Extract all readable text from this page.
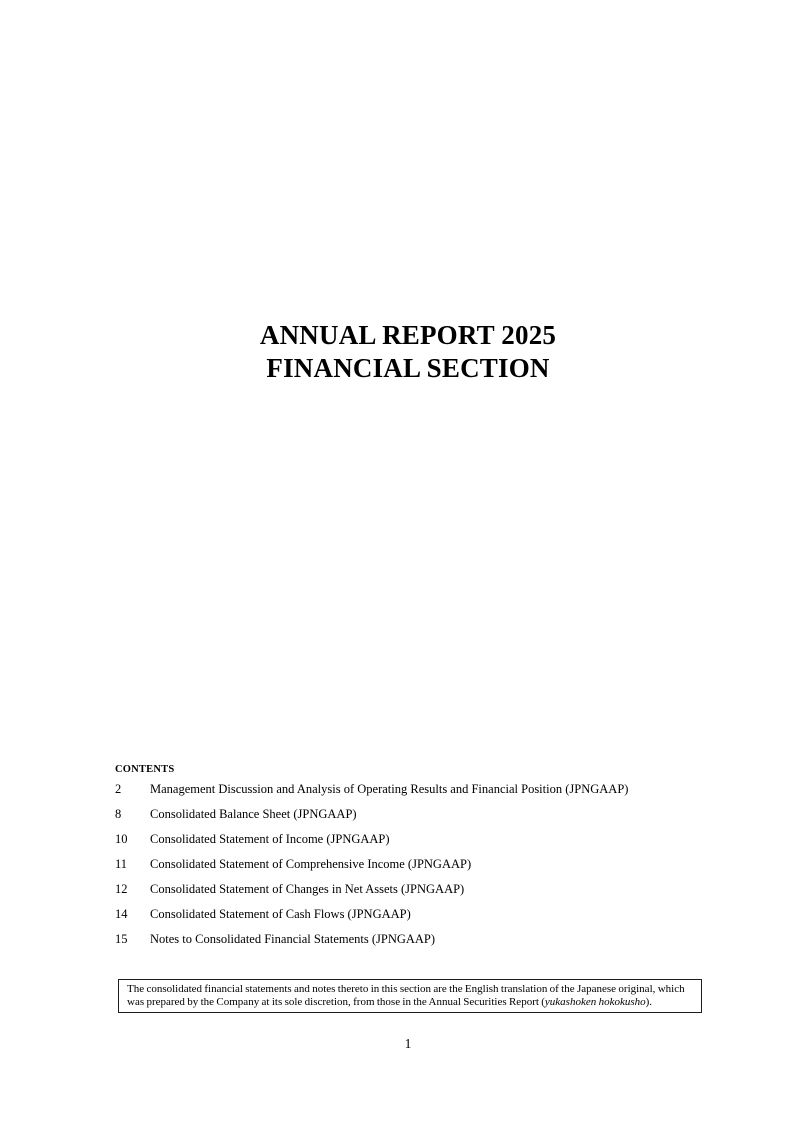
ANNUAL REPORT 2025
FINANCIAL SECTION
CONTENTS
2	Management Discussion and Analysis of Operating Results and Financial Position (JPNGAAP)
8	Consolidated Balance Sheet (JPNGAAP)
10	Consolidated Statement of Income (JPNGAAP)
11	Consolidated Statement of Comprehensive Income (JPNGAAP)
12	Consolidated Statement of Changes in Net Assets (JPNGAAP)
14	Consolidated Statement of Cash Flows (JPNGAAP)
15	Notes to Consolidated Financial Statements (JPNGAAP)
The consolidated financial statements and notes thereto in this section are the English translation of the Japanese original, which
was prepared by the Company at its sole discretion, from those in the Annual Securities Report (yukashoken hokokusho).
1
